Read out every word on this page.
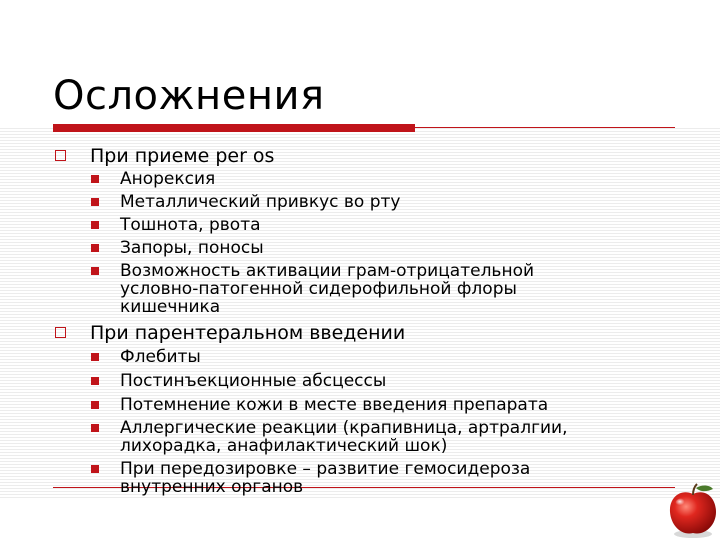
Осложнения
При приеме per os
Анорексия
Металлический привкус во рту
Тошнота, рвота
Запоры, поносы
Возможность активации грам-отрицательной
условно-патогенной сидерофильной флоры
кишечника
При парентеральном введении
Флебиты
Постинъекционные абсцессы
Потемнение кожи в месте введения препарата
Аллергические реакции (крапивница, артралгии,
лихорадка, анафилактический шок)
При передозировке – развитие гемосидероза
внутренних органов
